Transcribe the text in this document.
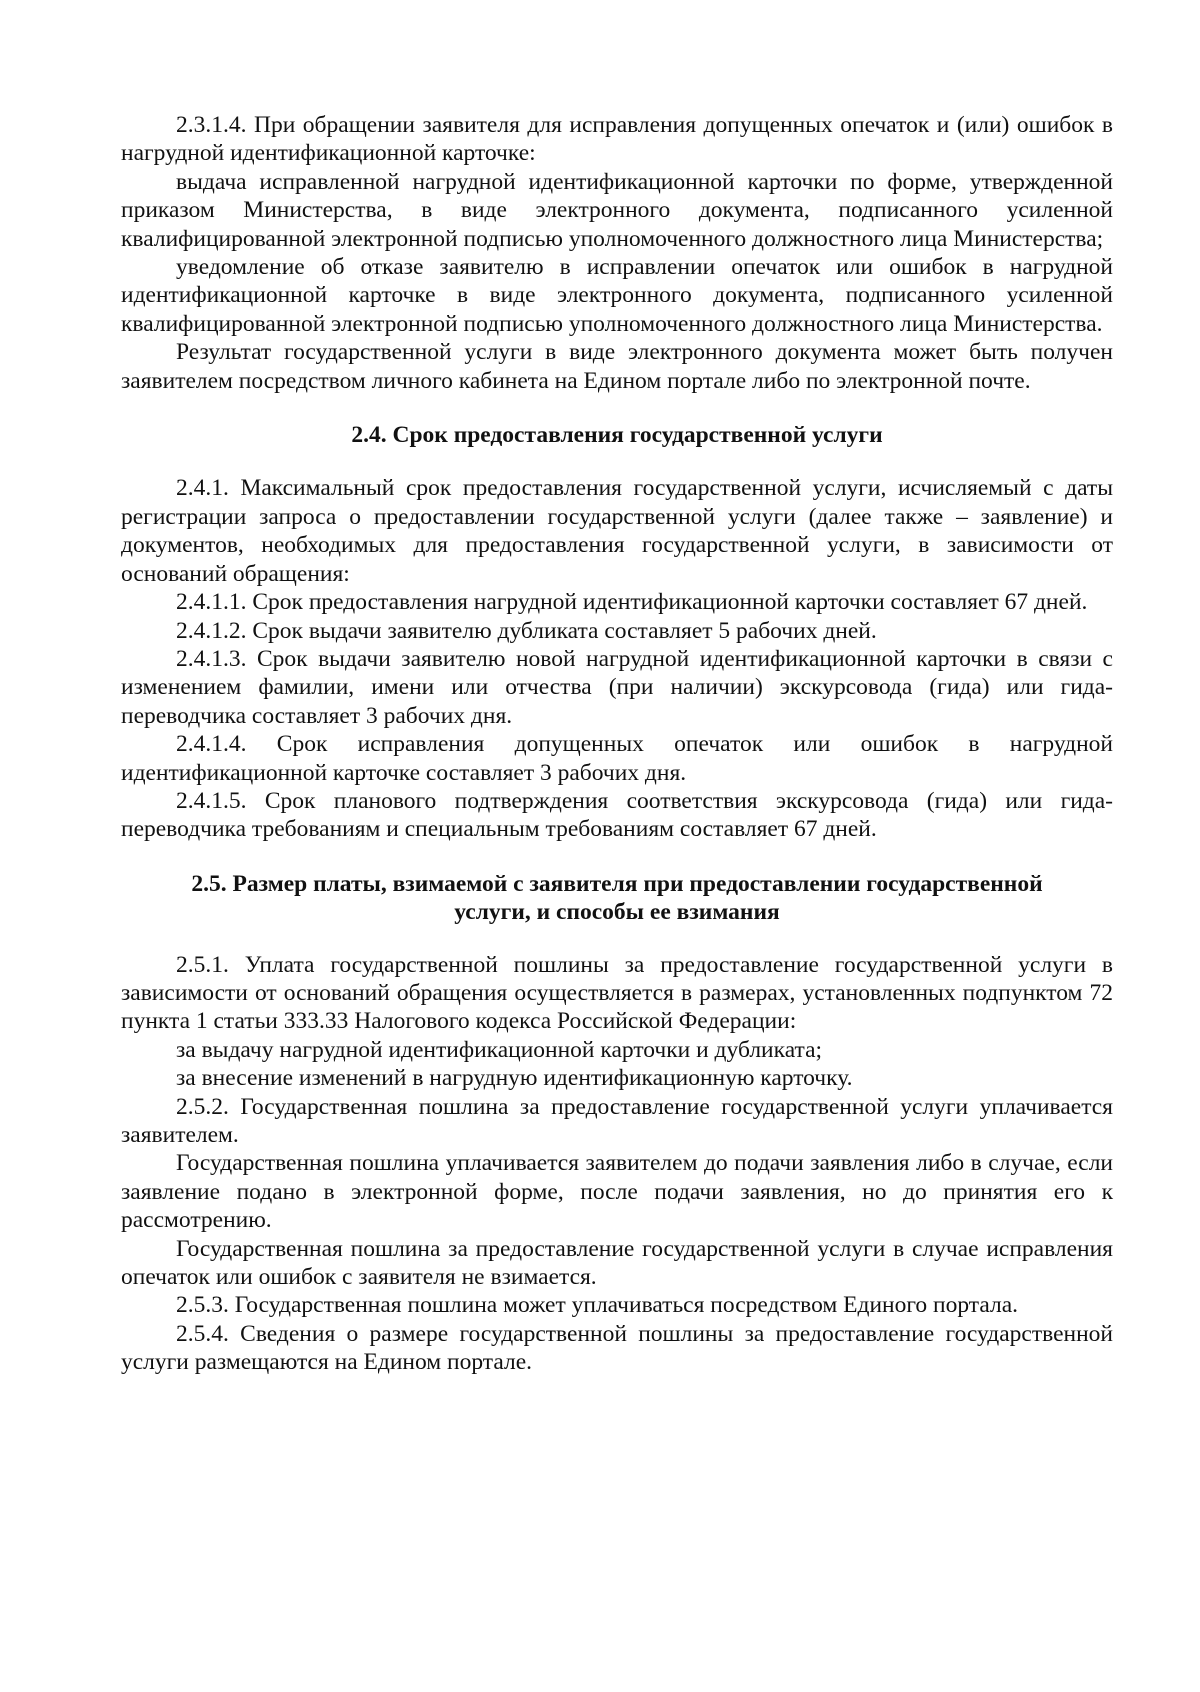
2.3.1.4. При обращении заявителя для исправления допущенных опечаток и (или) ошибок в нагрудной идентификационной карточке:

выдача исправленной нагрудной идентификационной карточки по форме, утвержденной приказом Министерства, в виде электронного документа, подписанного усиленной квалифицированной электронной подписью уполномоченного должностного лица Министерства;

уведомление об отказе заявителю в исправлении опечаток или ошибок в нагрудной идентификационной карточке в виде электронного документа, подписанного усиленной квалифицированной электронной подписью уполномоченного должностного лица Министерства.

Результат государственной услуги в виде электронного документа может быть получен заявителем посредством личного кабинета на Едином портале либо по электронной почте.

2.4. Срок предоставления государственной услуги

2.4.1. Максимальный срок предоставления государственной услуги, исчисляемый с даты регистрации запроса о предоставлении государственной услуги (далее также – заявление) и документов, необходимых для предоставления государственной услуги, в зависимости от оснований обращения:

2.4.1.1. Срок предоставления нагрудной идентификационной карточки составляет 67 дней.

2.4.1.2. Срок выдачи заявителю дубликата составляет 5 рабочих дней.

2.4.1.3. Срок выдачи заявителю новой нагрудной идентификационной карточки в связи с изменением фамилии, имени или отчества (при наличии) экскурсовода (гида) или гида-переводчика составляет 3 рабочих дня.

2.4.1.4. Срок исправления допущенных опечаток или ошибок в нагрудной идентификационной карточке составляет 3 рабочих дня.

2.4.1.5. Срок планового подтверждения соответствия экскурсовода (гида) или гида-переводчика требованиям и специальным требованиям составляет 67 дней.

2.5. Размер платы, взимаемой с заявителя при предоставлении государственной
услуги, и способы ее взимания

2.5.1. Уплата государственной пошлины за предоставление государственной услуги в зависимости от оснований обращения осуществляется в размерах, установленных подпунктом 72 пункта 1 статьи 333.33 Налогового кодекса Российской Федерации:

за выдачу нагрудной идентификационной карточки и дубликата;

за внесение изменений в нагрудную идентификационную карточку.

2.5.2. Государственная пошлина за предоставление государственной услуги уплачивается заявителем.

Государственная пошлина уплачивается заявителем до подачи заявления либо в случае, если заявление подано в электронной форме, после подачи заявления, но до принятия его к рассмотрению.

Государственная пошлина за предоставление государственной услуги в случае исправления опечаток или ошибок с заявителя не взимается.

2.5.3. Государственная пошлина может уплачиваться посредством Единого портала.

2.5.4. Сведения о размере государственной пошлины за предоставление государственной услуги размещаются на Едином портале.
